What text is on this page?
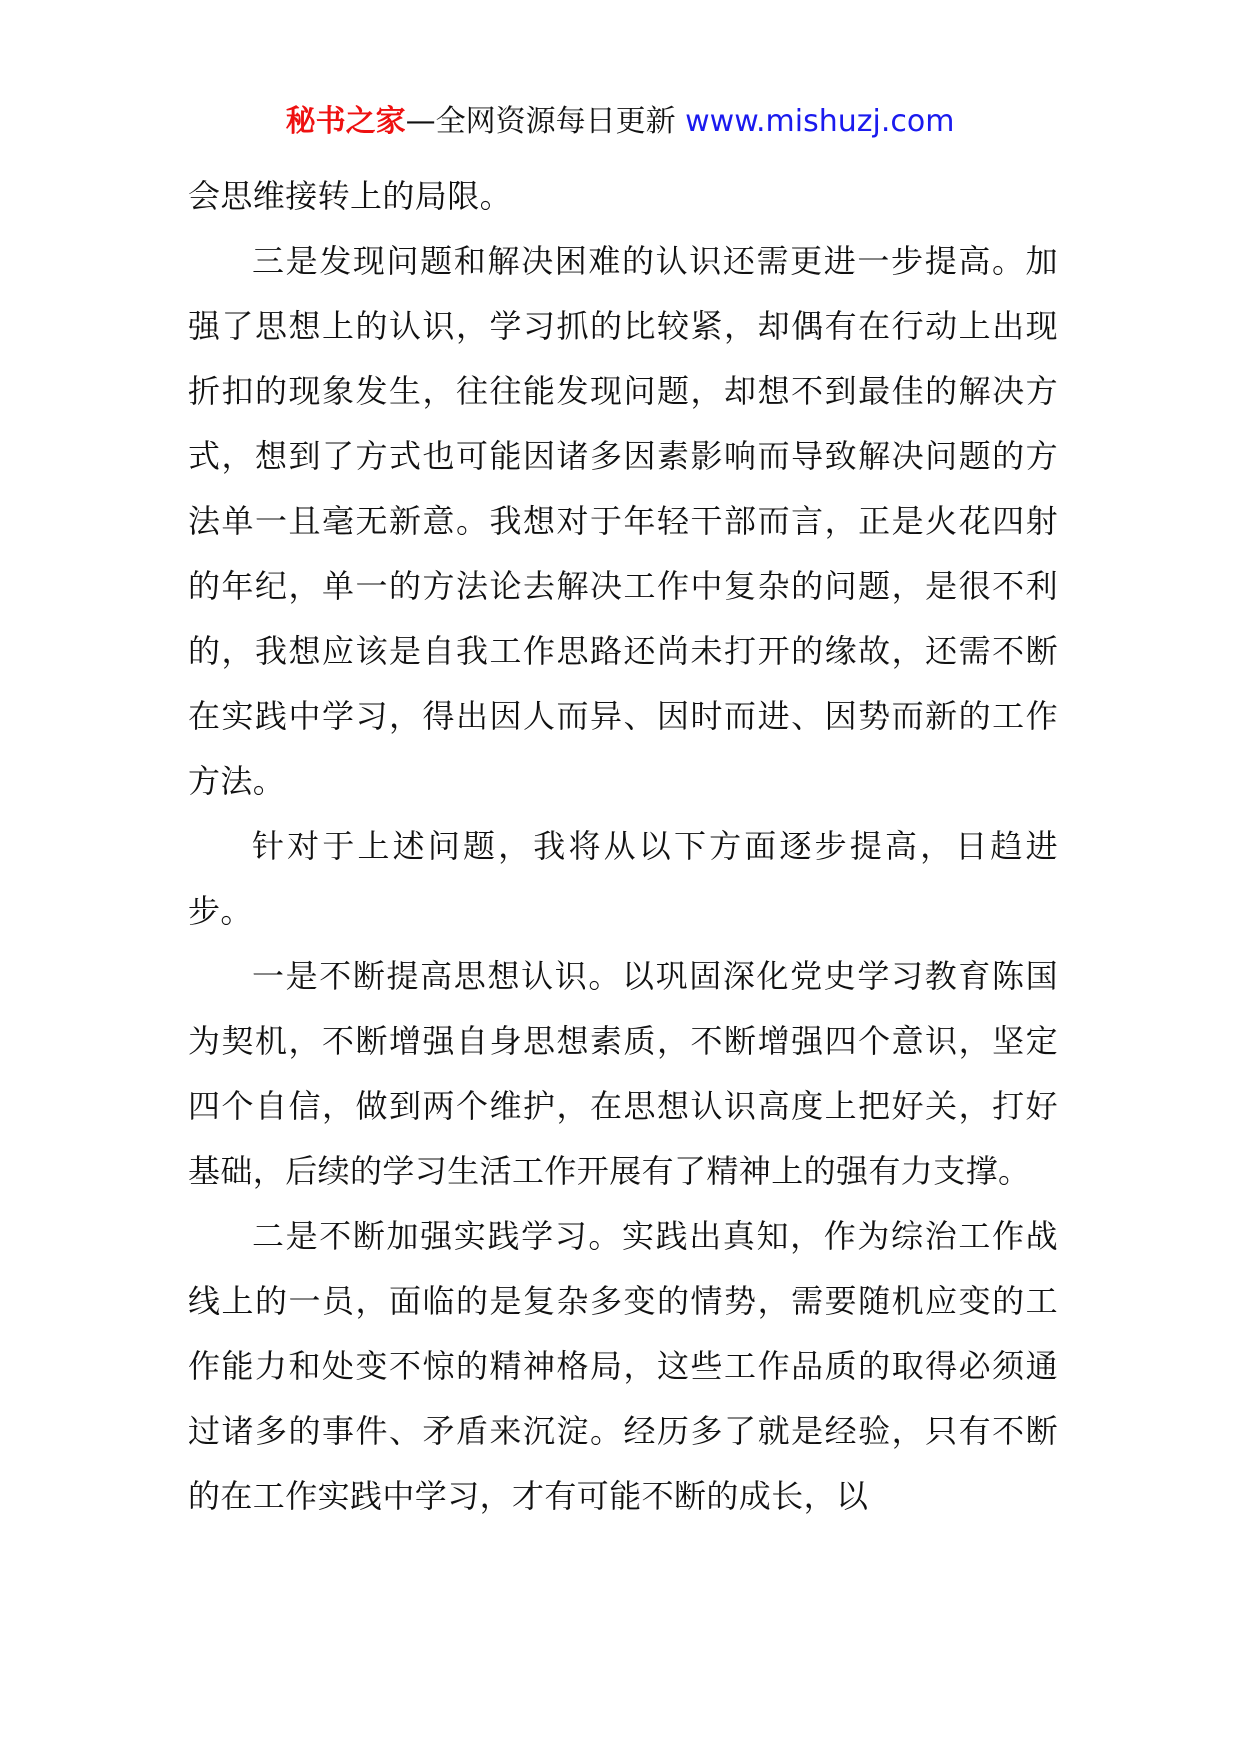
秘书之家—全网资源每日更新 www.mishuzj.com

会思维接转上的局限。

三是发现问题和解决困难的认识还需更进一步提高。加强了思想上的认识，学习抓的比较紧，却偶有在行动上出现折扣的现象发生，往往能发现问题，却想不到最佳的解决方式，想到了方式也可能因诸多因素影响而导致解决问题的方法单一且毫无新意。我想对于年轻干部而言，正是火花四射的年纪，单一的方法论去解决工作中复杂的问题，是很不利的，我想应该是自我工作思路还尚未打开的缘故，还需不断在实践中学习，得出因人而异、因时而进、因势而新的工作方法。

针对于上述问题，我将从以下方面逐步提高，日趋进步。

一是不断提高思想认识。以巩固深化党史学习教育陈国为契机，不断增强自身思想素质，不断增强四个意识，坚定四个自信，做到两个维护，在思想认识高度上把好关，打好基础，后续的学习生活工作开展有了精神上的强有力支撑。

二是不断加强实践学习。实践出真知，作为综治工作战线上的一员，面临的是复杂多变的情势，需要随机应变的工作能力和处变不惊的精神格局，这些工作品质的取得必须通过诸多的事件、矛盾来沉淀。经历多了就是经验，只有不断的在工作实践中学习，才有可能不断的成长，以
